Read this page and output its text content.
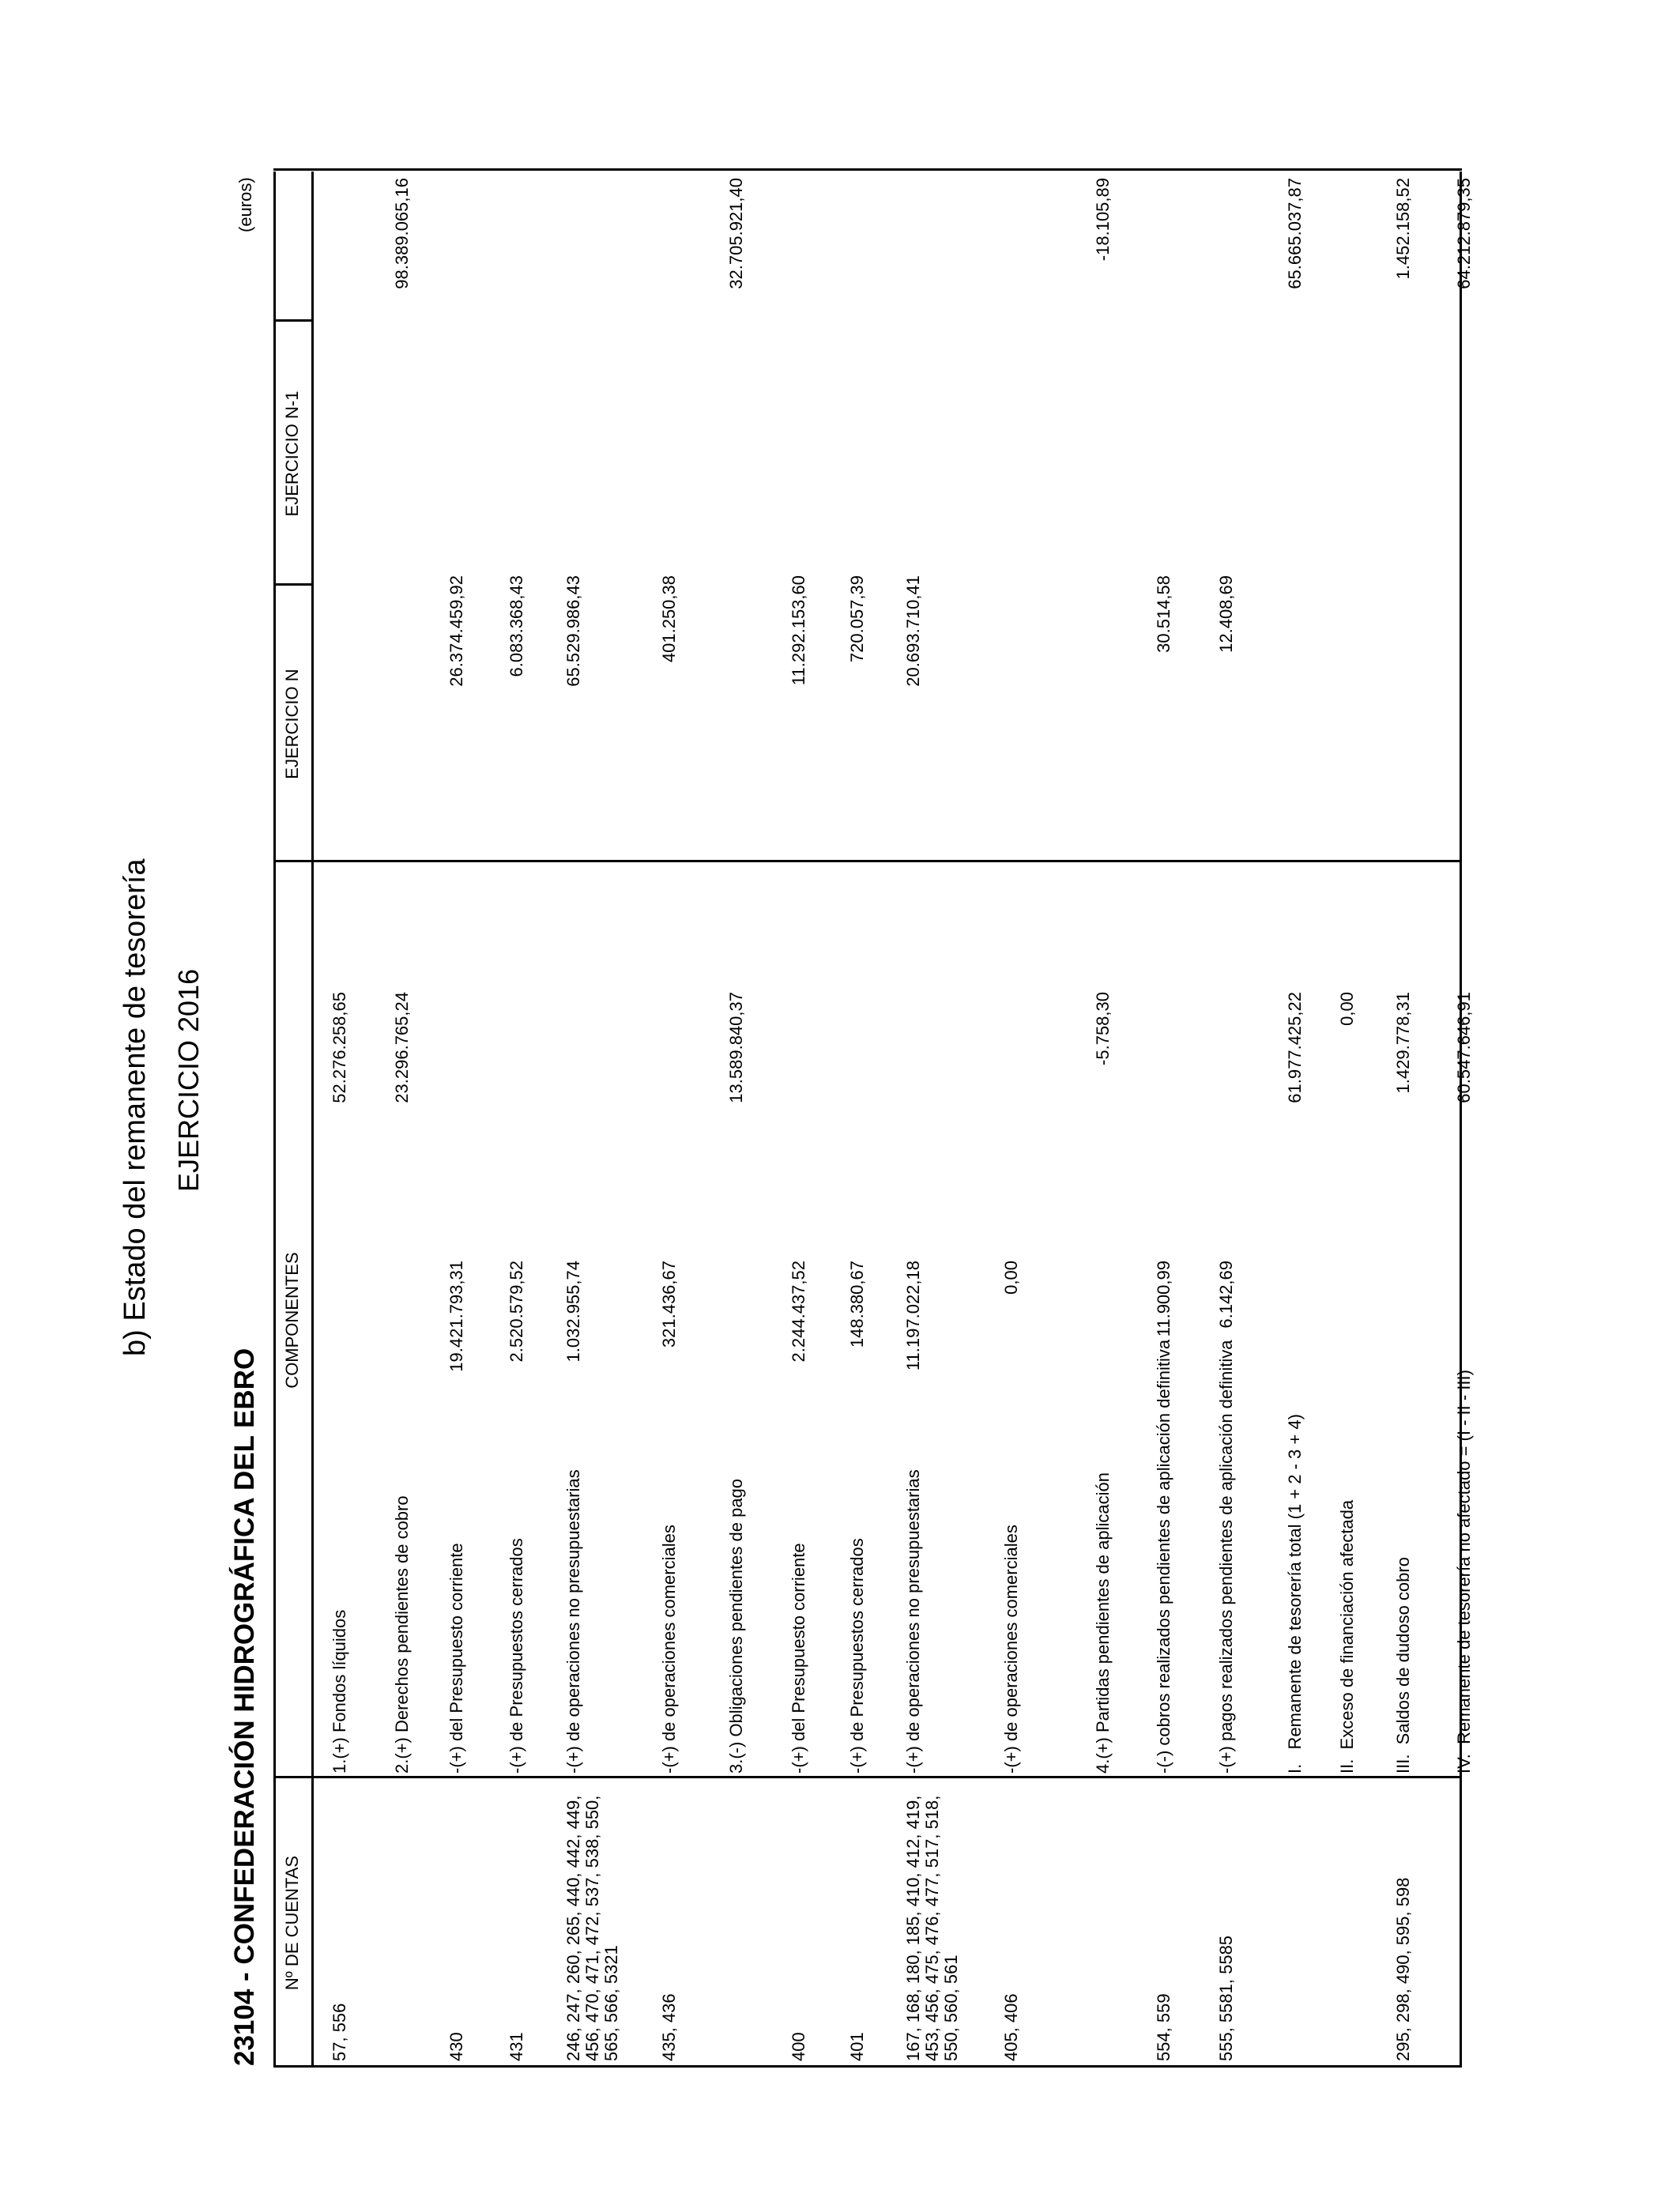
b) Estado del remanente de tesorería EJERCICIO 2016
23104 - CONFEDERACIÓN HIDROGRÁFICA DEL EBRO
(euros)
Nº DE CUENTAS
COMPONENTES
EJERCICIO N
EJERCICIO N-1
57, 556
1.(+) Fondos líquidos
52.276.258,65
2.(+) Derechos pendientes de cobro
23.296.765,24
98.389.065,16
430
-(+) del Presupuesto corriente
19.421.793,31
26.374.459,92
431
-(+) de Presupuestos cerrados
2.520.579,52
6.083.368,43
246, 247, 260, 265, 440, 442, 449, 456, 470, 471, 472, 537, 538, 550, 565, 566, 5321
-(+) de operaciones no presupuestarias
1.032.955,74
65.529.986,43
435, 436
-(+) de operaciones comerciales
321.436,67
401.250,38
3.(-) Obligaciones pendientes de pago
13.589.840,37
32.705.921,40
400
-(+) del Presupuesto corriente
2.244.437,52
11.292.153,60
401
-(+) de Presupuestos cerrados
148.380,67
720.057,39
167, 168, 180, 185, 410, 412, 419, 453, 456, 475, 476, 477, 517, 518, 550, 560, 561
-(+) de operaciones no presupuestarias
11.197.022,18
20.693.710,41
405, 406
-(+) de operaciones comerciales
0,00
4.(+) Partidas pendientes de aplicación
-5.758,30
-18.105,89
554, 559
-(-) cobros realizados pendientes de aplicación definitiva
11.900,99
30.514,58
555, 5581, 5585
-(+) pagos realizados pendientes de aplicación definitiva
6.142,69
12.408,69
I.   Remanente de tesorería total (1 + 2 - 3 + 4)
61.977.425,22
65.665.037,87
II.  Exceso de financiación afectada
0,00
295, 298, 490, 595, 598
III.  Saldos de dudoso cobro
1.429.778,31
1.452.158,52
IV.  Remanente de tesorería no afectado = (I - II - III)
60.547.646,91
64.212.879,35
